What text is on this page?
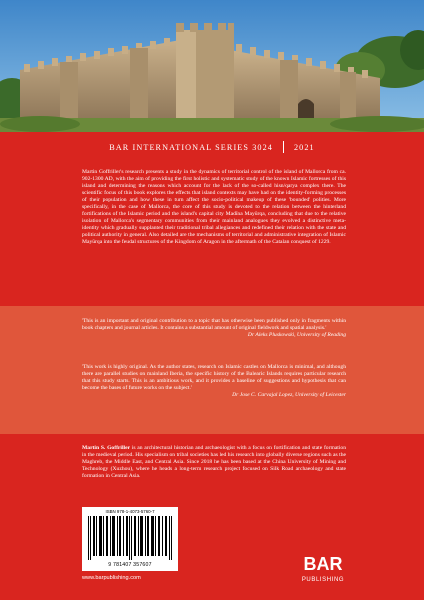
BAR INTERNATIONAL SERIES 3024	2021
Martin Goffriller's research presents a study in the dynamics of territorial control of the island of Mallorca from ca. 902-1300 AD, with the aim of providing the first holistic and systematic study of the known Islamic fortresses of this island and determining the reasons which account for the lack of the so-called hisn/qarya complex there. The scientific focus of this book explores the effects that island contexts may have had on the identity-forming processes of their population and how these in turn affect the socio-political makeup of these 'bounded' polities. More specifically, in the case of Mallorca, the core of this study is devoted to the relation between the hinterland fortifications of the Islamic period and the island's capital city Madīna Mayūrqa, concluding that due to the relative isolation of Mallorca's segmentary communities from their mainland analogues they evolved a distinctive meta-identity which gradually supplanted their traditional tribal allegiances and redefined their relation with the state and political authority in general. Also detailed are the mechanisms of territorial and administrative integration of Islamic Mayūrqa into the feudal structures of the Kingdom of Aragon in the aftermath of the Catalan conquest of 1229.
'This is an important and original contribution to a topic that has otherwise been published only in fragments within book chapters and journal articles. It contains a substantial amount of original fieldwork and spatial analysis.'
Dr Aleks Pluskowski, University of Reading
'This work is highly original. As the author states, research on Islamic castles on Mallorca is minimal, and although there are parallel studies on mainland Iberia, the specific history of the Balearic Islands requires particular research that this study starts. This is an ambitious work, and it provides a baseline of suggestions and hypothesis that can become the bases of future works on the subject.'
Dr Jose C. Carvajal Lopez, University of Leicester
Martin S. Goffriller is an architectural historian and archaeologist with a focus on fortification and state formation in the medieval period. His specialism on tribal societies has led his research into globally diverse regions such as the Maghreb, the Middle East, and Central Asia. Since 2018 he has been based at the China University of Mining and Technology (Xuzhou), where he heads a long-term research project focused on Silk Road archaeology and state formation in Central Asia.
ISBN 978-1-4073-5760-7
9 781407 357607
www.barpublishing.com
BAR
PUBLISHING
